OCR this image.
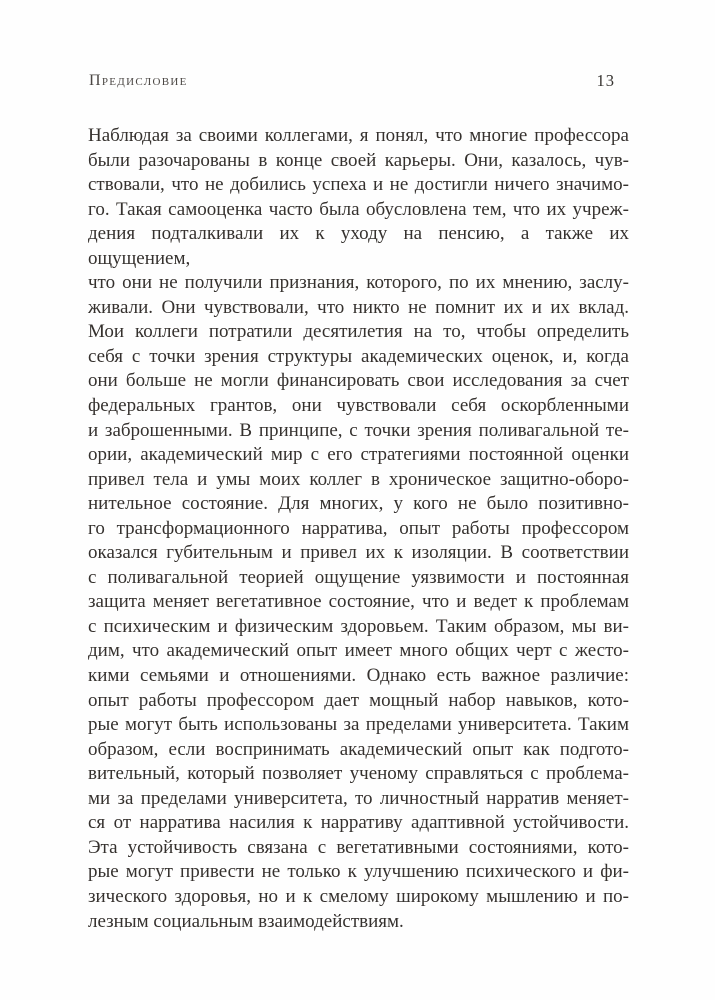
Предисловие	13
Наблюдая за своими коллегами, я понял, что многие профессора
были разочарованы в конце своей карьеры. Они, казалось, чув-
ствовали, что не добились успеха и не достигли ничего значимо-
го. Такая самооценка часто была обусловлена тем, что их учреж-
дения подталкивали их к уходу на пенсию, а также их ощущением,
что они не получили признания, которого, по их мнению, заслу-
живали. Они чувствовали, что никто не помнит их и их вклад.
Мои коллеги потратили десятилетия на то, чтобы определить
себя с точки зрения структуры академических оценок, и, когда
они больше не могли финансировать свои исследования за счет
федеральных грантов, они чувствовали себя оскорбленными
и заброшенными. В принципе, с точки зрения поливагальной те-
ории, академический мир с его стратегиями постоянной оценки
привел тела и умы моих коллег в хроническое защитно-оборо-
нительное состояние. Для многих, у кого не было позитивно-
го трансформационного нарратива, опыт работы профессором
оказался губительным и привел их к изоляции. В соответствии
с поливагальной теорией ощущение уязвимости и постоянная
защита меняет вегетативное состояние, что и ведет к проблемам
с психическим и физическим здоровьем. Таким образом, мы ви-
дим, что академический опыт имеет много общих черт с жесто-
кими семьями и отношениями. Однако есть важное различие:
опыт работы профессором дает мощный набор навыков, кото-
рые могут быть использованы за пределами университета. Таким
образом, если воспринимать академический опыт как подгото-
вительный, который позволяет ученому справляться с проблема-
ми за пределами университета, то личностный нарратив меняет-
ся от нарратива насилия к нарративу адаптивной устойчивости.
Эта устойчивость связана с вегетативными состояниями, кото-
рые могут привести не только к улучшению психического и фи-
зического здоровья, но и к смелому широкому мышлению и по-
лезным социальным взаимодействиям.
